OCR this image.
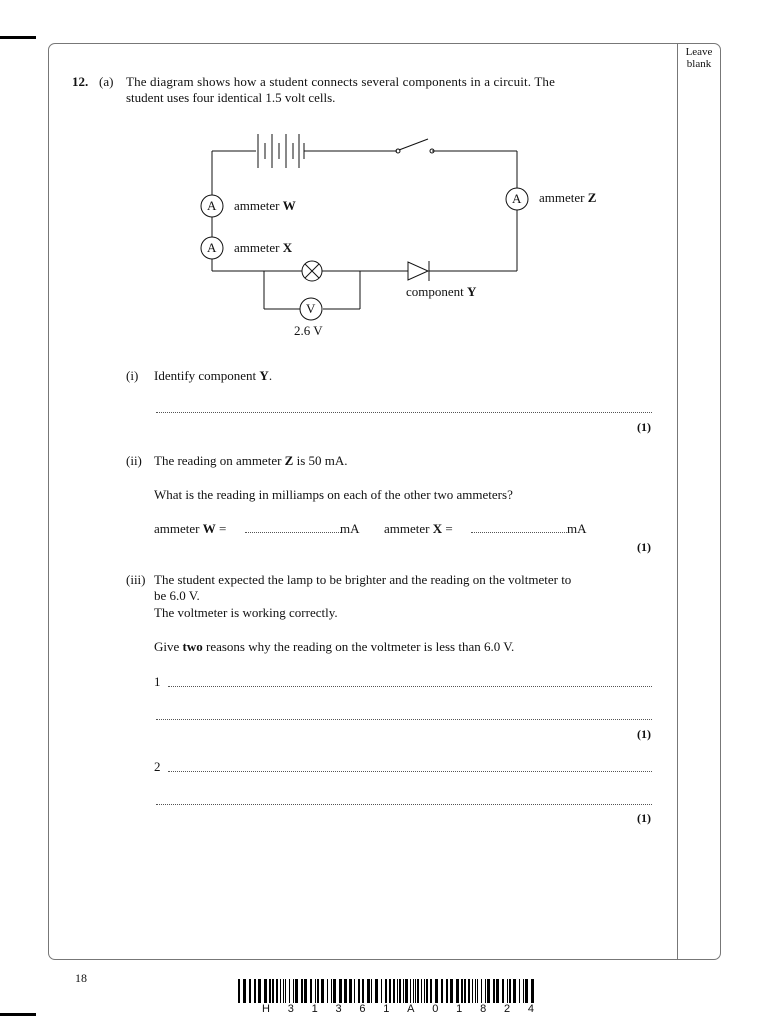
Leave blank
12. (a) The diagram shows how a student connects several components in a circuit. The
student uses four identical 1.5 volt cells.
A
A
A
V
ammeter W
ammeter X
ammeter Z
component Y
2.6 V
(i) Identify component Y.
(1)
(ii) The reading on ammeter Z is 50 mA.
What is the reading in milliamps on each of the other two ammeters?
ammeter W =	mA ammeter X =	mA
(1)
(iii) The student expected the lamp to be brighter and the reading on the voltmeter to
be 6.0 V.
The voltmeter is working correctly.
Give two reasons why the reading on the voltmeter is less than 6.0 V.
1
(1)
2
(1)
18
H 3 1 3 6 1 A 0 1 8 2 4
